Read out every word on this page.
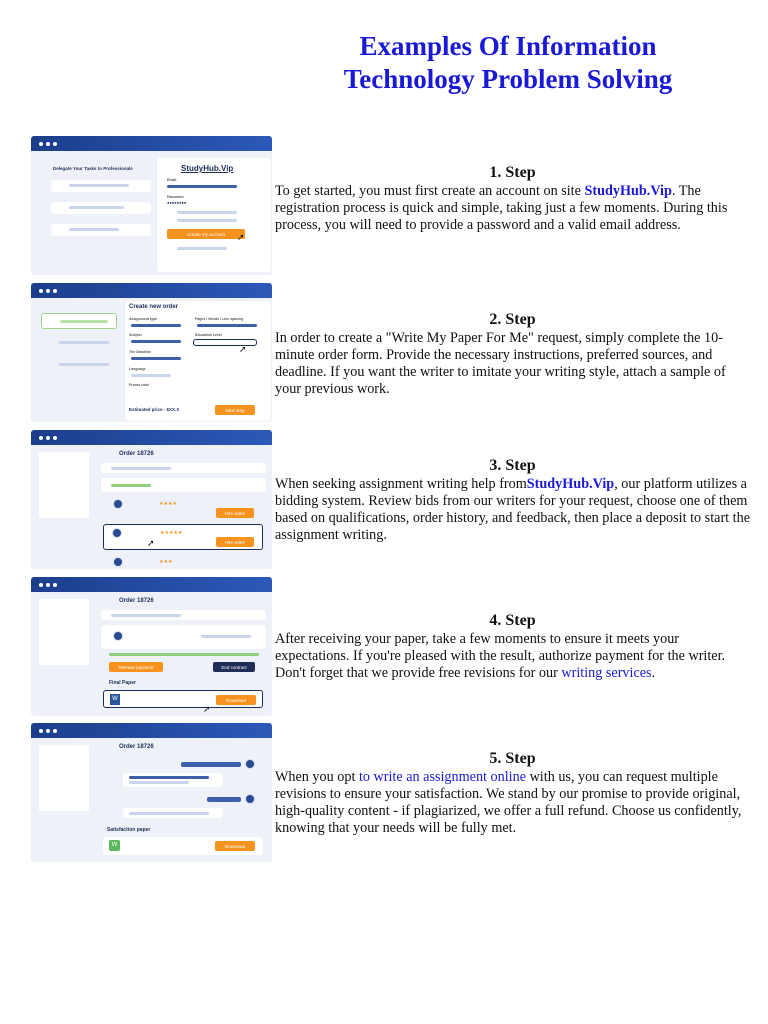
Examples Of Information
Technology Problem Solving
Delegate Your Tasks to Professionals	StudyHub.Vip
Email
Password
●●●●●●●●
Create my account	➚
Create new order
Assignment type	Pages / Words / Line spacing
Subject	Education Level
The Deadline
Language
Promo code
Estimated price - $XX.X	Next step
➚
Order 18726
★★★★
Hire writer
★★★★★
Hire writer
➚
★★★
Order 18726
Release payment	End contract
Final Paper
W	Download
➚
Order 18726
Satisfaction paper
W	Download
1. Step

To get started, you must first create an account on site StudyHub.Vip. The registration process is quick and simple, taking just a few moments. During this process, you will need to provide a password and a valid email address.

2. Step

In order to create a "Write My Paper For Me" request, simply complete the 10-minute order form. Provide the necessary instructions, preferred sources, and deadline. If you want the writer to imitate your writing style, attach a sample of your previous work.

3. Step

When seeking assignment writing help fromStudyHub.Vip, our platform utilizes a bidding system. Review bids from our writers for your request, choose one of them based on qualifications, order history, and feedback, then place a deposit to start the assignment writing.

4. Step

After receiving your paper, take a few moments to ensure it meets your expectations. If you're pleased with the result, authorize payment for the writer. Don't forget that we provide free revisions for our writing services.

5. Step

When you opt to write an assignment online with us, you can request multiple revisions to ensure your satisfaction. We stand by our promise to provide original, high-quality content - if plagiarized, we offer a full refund. Choose us confidently, knowing that your needs will be fully met.
